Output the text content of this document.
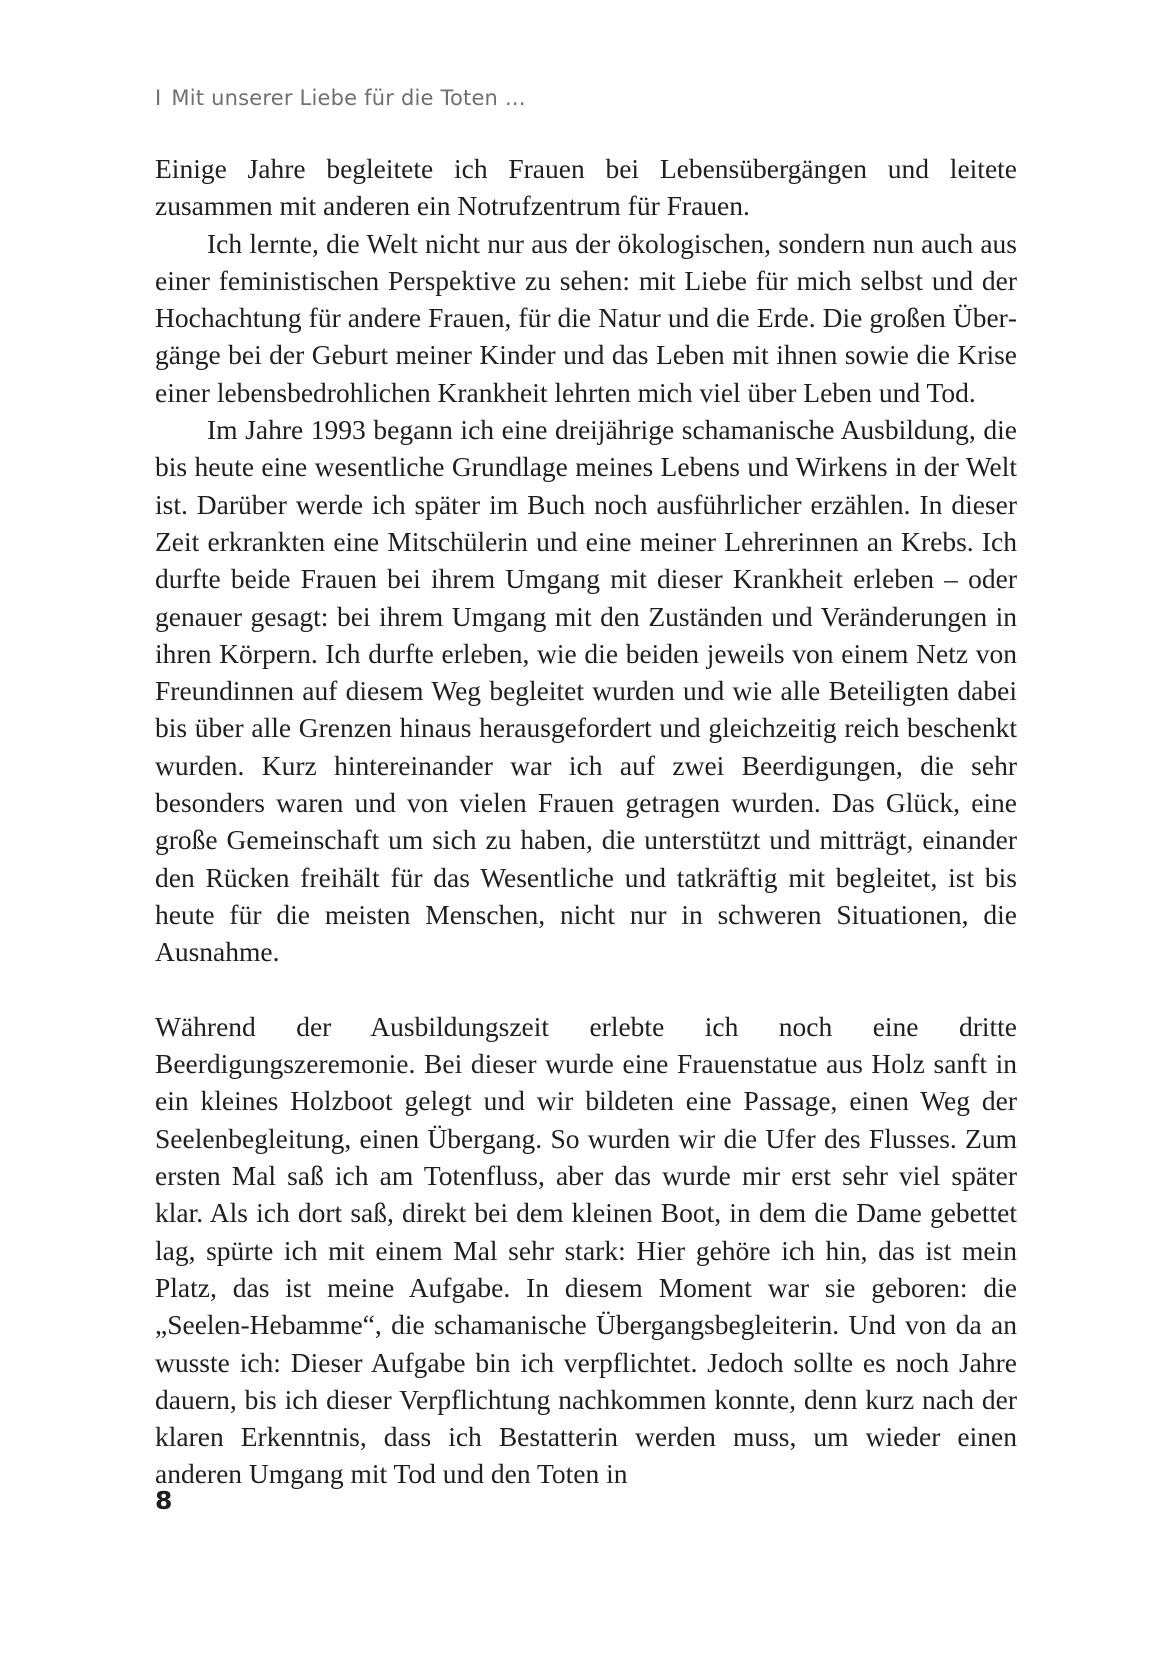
I Mit unserer Liebe für die Toten ...

Einige Jahre begleitete ich Frauen bei Lebensübergängen und leitete zusammen mit anderen ein Notrufzentrum für Frauen.

Ich lernte, die Welt nicht nur aus der ökologischen, sondern nun auch aus einer feministischen Perspektive zu sehen: mit Liebe für mich selbst und der Hochachtung für andere Frauen, für die Natur und die Erde. Die großen Übergänge bei der Geburt meiner Kinder und das Leben mit ihnen sowie die Krise einer lebensbedrohlichen Krankheit lehrten mich viel über Leben und Tod.

Im Jahre 1993 begann ich eine dreijährige schamanische Ausbildung, die bis heute eine wesentliche Grundlage meines Lebens und Wirkens in der Welt ist. Darüber werde ich später im Buch noch ausführlicher erzählen. In dieser Zeit erkrankten eine Mitschülerin und eine meiner Lehrerinnen an Krebs. Ich durfte beide Frauen bei ihrem Umgang mit dieser Krankheit erleben – oder genauer gesagt: bei ihrem Umgang mit den Zuständen und Veränderungen in ihren Körpern. Ich durfte erleben, wie die beiden jeweils von einem Netz von Freundinnen auf diesem Weg begleitet wurden und wie alle Beteiligten dabei bis über alle Grenzen hinaus herausgefordert und gleichzeitig reich beschenkt wurden. Kurz hintereinander war ich auf zwei Beerdigungen, die sehr besonders waren und von vielen Frauen getragen wurden. Das Glück, eine große Gemeinschaft um sich zu haben, die unterstützt und mitträgt, einander den Rücken freihält für das Wesentliche und tatkräftig mit begleitet, ist bis heute für die meisten Menschen, nicht nur in schweren Situationen, die Ausnahme.

Während der Ausbildungszeit erlebte ich noch eine dritte Beerdigungszeremonie. Bei dieser wurde eine Frauenstatue aus Holz sanft in ein kleines Holzboot gelegt und wir bildeten eine Passage, einen Weg der Seelenbegleitung, einen Übergang. So wurden wir die Ufer des Flusses. Zum ersten Mal saß ich am Totenfluss, aber das wurde mir erst sehr viel später klar. Als ich dort saß, direkt bei dem kleinen Boot, in dem die Dame gebettet lag, spürte ich mit einem Mal sehr stark: Hier gehöre ich hin, das ist mein Platz, das ist meine Aufgabe. In diesem Moment war sie geboren: die „Seelen-Hebamme“, die schamanische Übergangsbegleiterin. Und von da an wusste ich: Dieser Aufgabe bin ich verpflichtet. Jedoch sollte es noch Jahre dauern, bis ich dieser Verpflichtung nachkommen konnte, denn kurz nach der klaren Erkenntnis, dass ich Bestatterin werden muss, um wieder einen anderen Umgang mit Tod und den Toten in

8
